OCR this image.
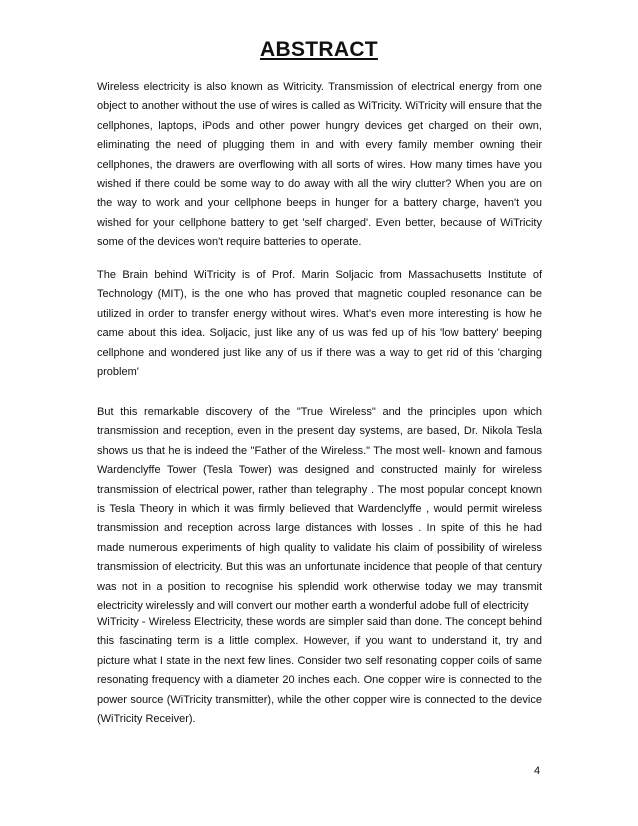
ABSTRACT

Wireless electricity is also known as Witricity. Transmission of electrical energy from one object to another without the use of wires is called as WiTricity. WiTricity will ensure that the cellphones, laptops, iPods and other power hungry devices get charged on their own, eliminating the need of plugging them in and with every family member owning their cellphones, the drawers are overflowing with all sorts of wires. How many times have you wished if there could be some way to do away with all the wiry clutter? When you are on the way to work and your cellphone beeps in hunger for a battery charge, haven't you wished for your cellphone battery to get 'self charged'. Even better, because of WiTricity some of the devices won't require batteries to operate.

The Brain behind WiTricity is of Prof. Marin Soljacic from Massachusetts Institute of Technology (MIT), is the one who has proved that magnetic coupled resonance can be utilized in order to transfer energy without wires. What's even more interesting is how he came about this idea. Soljacic, just like any of us was fed up of his 'low battery' beeping cellphone and wondered just like any of us if there was a way to get rid of this 'charging problem'

But this remarkable discovery of the "True Wireless" and the principles upon which transmission and reception, even in the present day systems, are based, Dr. Nikola Tesla shows us that he is indeed the "Father of the Wireless." The most well- known and famous Wardenclyffe Tower (Tesla Tower) was designed and constructed mainly for wireless transmission of electrical power, rather than telegraphy . The most popular concept known is Tesla Theory in which it was firmly believed that Wardenclyffe , would permit wireless transmission and reception across large distances with losses . In spite of this he had made numerous experiments of high quality to validate his claim of possibility of wireless transmission of electricity. But this was an unfortunate incidence that people of that century was not in a position to recognise his splendid work otherwise today we may transmit electricity wirelessly and will convert our mother earth a wonderful adobe full of electricity

WiTricity - Wireless Electricity, these words are simpler said than done. The concept behind this fascinating term is a little complex. However, if you want to understand it, try and picture what I state in the next few lines. Consider two self resonating copper coils of same resonating frequency with a diameter 20 inches each. One copper wire is connected to the power source (WiTricity transmitter), while the other copper wire is connected to the device (WiTricity Receiver).

4
